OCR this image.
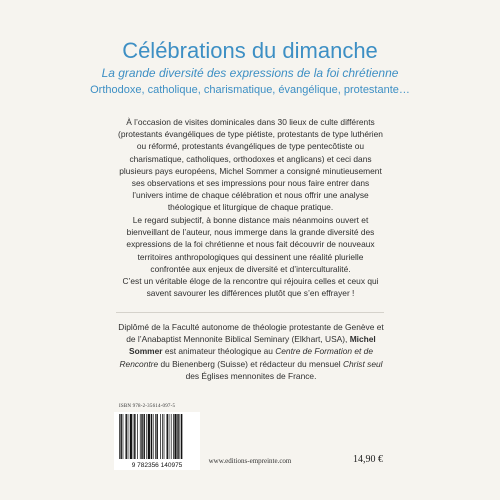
Célébrations du dimanche
La grande diversité des expressions de la foi chrétienne
Orthodoxe, catholique, charismatique, évangélique, protestante…

À l’occasion de visites dominicales dans 30 lieux de culte différents (protestants évangéliques de type piétiste, protestants de type luthérien ou réformé, protestants évangéliques de type pentecôtiste ou charismatique, catholiques, orthodoxes et anglicans) et ceci dans plusieurs pays européens, Michel Sommer a consigné minutieusement ses observations et ses impressions pour nous faire entrer dans l’univers intime de chaque célébration et nous offrir une analyse théologique et liturgique de chaque pratique.

Le regard subjectif, à bonne distance mais néanmoins ouvert et bienveillant de l’auteur, nous immerge dans la grande diversité des expressions de la foi chrétienne et nous fait découvrir de nouveaux territoires anthropologiques qui dessinent une réalité plurielle confrontée aux enjeux de diversité et d’interculturalité.

C’est un véritable éloge de la rencontre qui réjouira celles et ceux qui savent savourer les différences plutôt que s’en effrayer !

Diplômé de la Faculté autonome de théologie protestante de Genève et de l’Anabaptist Mennonite Biblical Seminary (Elkhart, USA), Michel Sommer est animateur théologique au Centre de Formation et de Rencontre du Bienenberg (Suisse) et rédacteur du mensuel Christ seul des Églises mennonites de France.

ISBN 978-2-35614-097-5
9 782356 140975
www.editions-empreinte.com	14,90 €
